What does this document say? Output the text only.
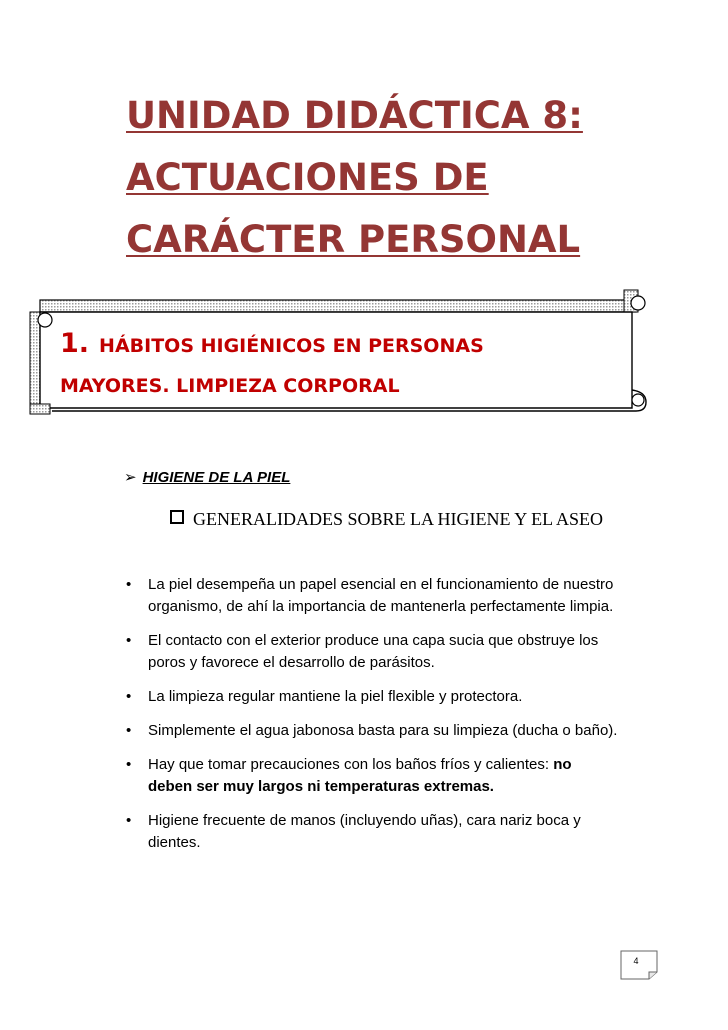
UNIDAD DIDÁCTICA 8:
ACTUACIONES DE
CARÁCTER PERSONAL
1. HÁBITOS HIGIÉNICOS EN PERSONAS
MAYORES. LIMPIEZA CORPORAL
➢ HIGIENE DE LA PIEL
GENERALIDADES SOBRE LA HIGIENE Y EL ASEO
• La piel desempeña un papel esencial en el funcionamiento de nuestro organismo, de ahí la importancia de mantenerla perfectamente limpia.
• El contacto con el exterior produce una capa sucia que obstruye los poros y favorece el desarrollo de parásitos.
• La limpieza regular mantiene la piel flexible y protectora.
• Simplemente el agua jabonosa basta para su limpieza (ducha o baño).
• Hay que tomar precauciones con los baños fríos y calientes: no deben ser muy largos ni temperaturas extremas.
• Higiene frecuente de manos (incluyendo uñas), cara nariz boca y dientes.
4
